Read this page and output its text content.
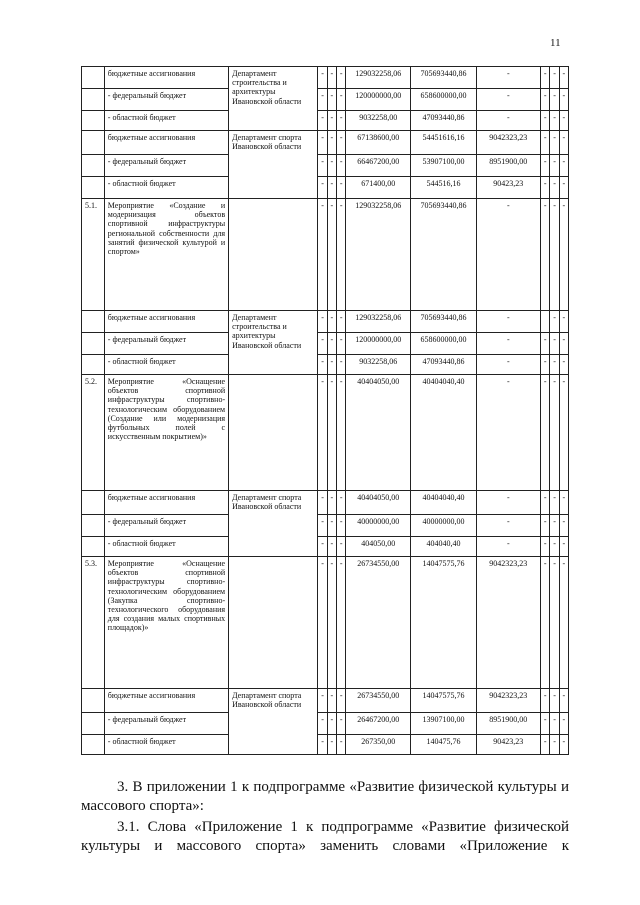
11
	бюджетные ассигнования	Департамент строительства и архитектуры Ивановской области	-	-	-	129032258,06	705693440,86	-	-	-	-
	- федеральный бюджет		-	-	-	120000000,00	658600000,00	-	-	-	-
	- областной бюджет		-	-	-	9032258,00	47093440,86	-	-	-	-
	бюджетные ассигнования	Департамент спорта Ивановской области	-	-	-	67138600,00	54451616,16	9042323,23	-	-	-
	- федеральный бюджет		-	-	-	66467200,00	53907100,00	8951900,00	-	-	-
	- областной бюджет		-	-	-	671400,00	544516,16	90423,23	-	-	-
5.1.	Мероприятие «Создание и модернизация объектов спортивной инфраструктуры региональной собственности для занятий физической культурой и спортом»		-	-	-	129032258,06	705693440,86	-	-	-	-
	бюджетные ассигнования	Департамент строительства и архитектуры Ивановской области	-	-	-	129032258,06	705693440,86	-		-	-
	- федеральный бюджет		-	-	-	120000000,00	658600000,00	-	-	-	-
	- областной бюджет		-	-	-	9032258,06	47093440,86	-	-	-	-
5.2.	Мероприятие «Оснащение объектов спортивной инфраструктуры спортивно-технологическим оборудованием (Создание или модернизация футбольных полей с искусственным покрытием)»		-	-	-	40404050,00	40404040,40	-	-	-	-
	бюджетные ассигнования	Департамент спорта Ивановской области	-	-	-	40404050,00	40404040,40	-	-	-	-
	- федеральный бюджет		-	-	-	40000000,00	40000000,00	-	-	-	-
	- областной бюджет		-	-	-	404050,00	404040,40	-	-	-	-
5.3.	Мероприятие «Оснащение объектов спортивной инфраструктуры спортивно-технологическим оборудованием (Закупка спортивно-технологического оборудования для создания малых спортивных площадок)»		-	-	-	26734550,00	14047575,76	9042323,23	-	-	-
	бюджетные ассигнования	Департамент спорта Ивановской области	-	-	-	26734550,00	14047575,76	9042323,23	-	-	-
	- федеральный бюджет		-	-	-	26467200,00	13907100,00	8951900,00	-	-	-
	- областной бюджет		-	-	-	267350,00	140475,76	90423,23	-	-	-
3. В приложении 1 к подпрограмме «Развитие физической культуры и массового спорта»:
3.1. Слова «Приложение 1 к подпрограмме «Развитие физической культуры и массового спорта» заменить словами «Приложение к
